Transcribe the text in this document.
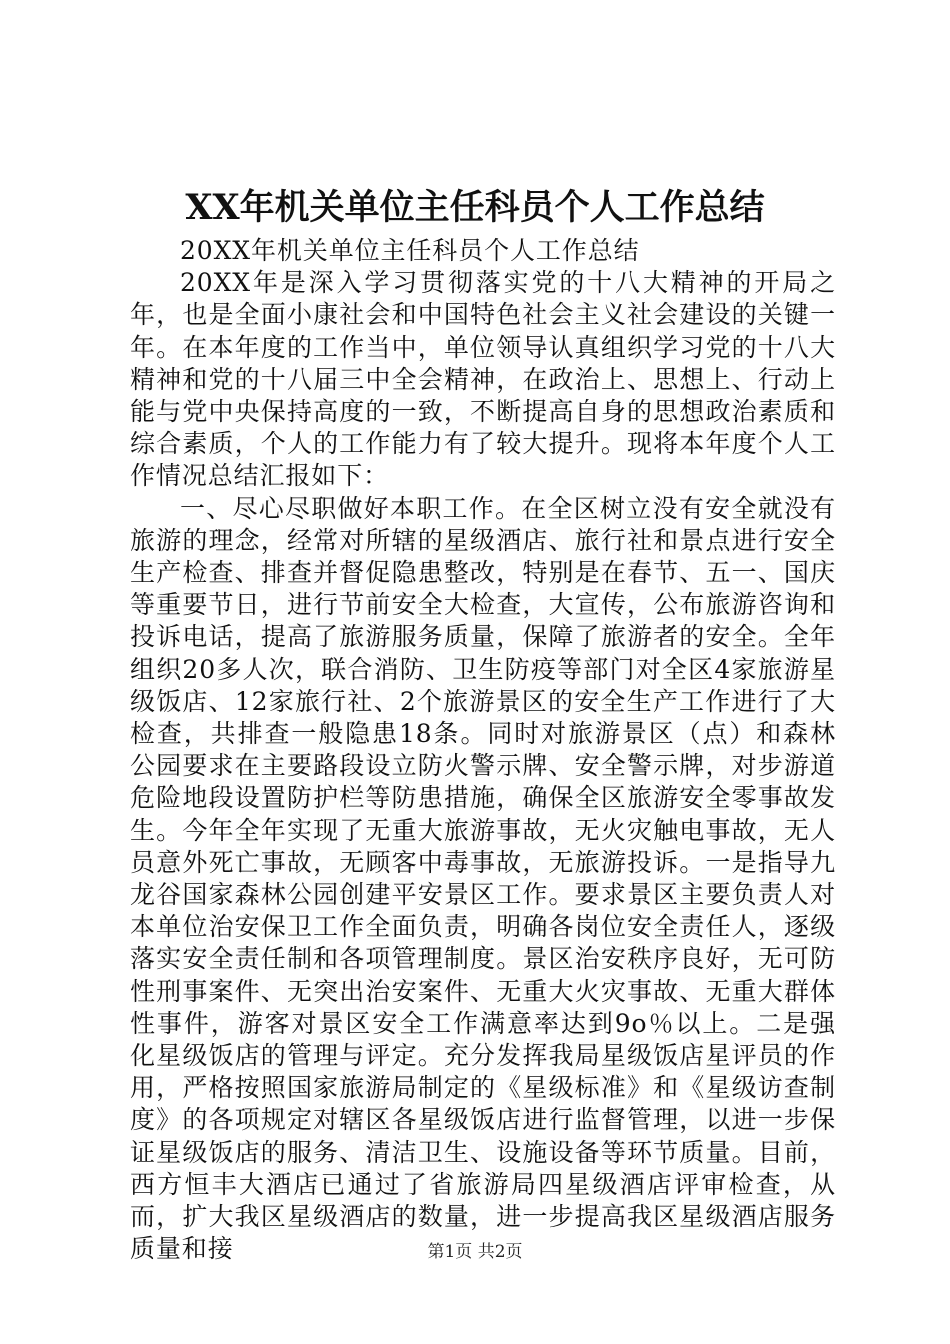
XX年机关单位主任科员个人工作总结

20XX年机关单位主任科员个人工作总结

20XX年是深入学习贯彻落实党的十八大精神的开局之年，也是全面小康社会和中国特色社会主义社会建设的关键一年。在本年度的工作当中，单位领导认真组织学习党的十八大精神和党的十八届三中全会精神，在政治上、思想上、行动上能与党中央保持高度的一致，不断提高自身的思想政治素质和综合素质，个人的工作能力有了较大提升。现将本年度个人工作情况总结汇报如下：

一、尽心尽职做好本职工作。在全区树立没有安全就没有旅游的理念，经常对所辖的星级酒店、旅行社和景点进行安全生产检查、排查并督促隐患整改，特别是在春节、五一、国庆等重要节日，进行节前安全大检查，大宣传，公布旅游咨询和投诉电话，提高了旅游服务质量，保障了旅游者的安全。全年组织20多人次，联合消防、卫生防疫等部门对全区4家旅游星级饭店、12家旅行社、2个旅游景区的安全生产工作进行了大检查，共排查一般隐患18条。同时对旅游景区（点）和森林公园要求在主要路段设立防火警示牌、安全警示牌，对步游道危险地段设置防护栏等防患措施，确保全区旅游安全零事故发生。今年全年实现了无重大旅游事故，无火灾触电事故，无人员意外死亡事故，无顾客中毒事故，无旅游投诉。一是指导九龙谷国家森林公园创建平安景区工作。要求景区主要负责人对本单位治安保卫工作全面负责，明确各岗位安全责任人，逐级落实安全责任制和各项管理制度。景区治安秩序良好，无可防性刑事案件、无突出治安案件、无重大火灾事故、无重大群体性事件，游客对景区安全工作满意率达到9o％以上。二是强化星级饭店的管理与评定。充分发挥我局星级饭店星评员的作用，严格按照国家旅游局制定的《星级标准》和《星级访查制度》的各项规定对辖区各星级饭店进行监督管理，以进一步保证星级饭店的服务、清洁卫生、设施设备等环节质量。目前，西方恒丰大酒店已通过了省旅游局四星级酒店评审检查，从而，扩大我区星级酒店的数量，进一步提高我区星级酒店服务质量和接	第1页 共2页
